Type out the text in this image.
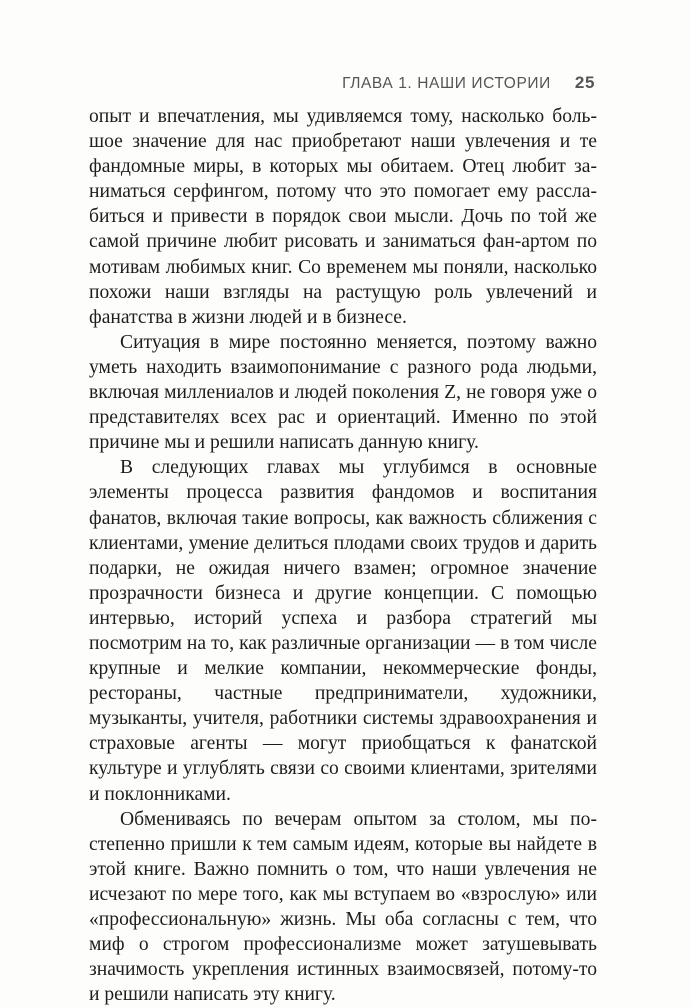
ГЛАВА 1. НАШИ ИСТОРИИ 25

опыт и впечатления, мы удивляемся тому, насколько большое значение для нас приобретают наши увлечения и те фандомные миры, в которых мы обитаем. Отец любит заниматься серфингом, потому что это помогает ему расслабиться и привести в порядок свои мысли. Дочь по той же самой причине любит рисовать и заниматься фан-артом по мотивам любимых книг. Со временем мы поняли, насколько похожи наши взгляды на растущую роль увлечений и фанатства в жизни людей и в бизнесе.

Ситуация в мире постоянно меняется, поэтому важно уметь находить взаимопонимание с разного рода людьми, включая миллениалов и людей поколения Z, не говоря уже о представителях всех рас и ориентаций. Именно по этой причине мы и решили написать данную книгу.

В следующих главах мы углубимся в основные элементы процесса развития фандомов и воспитания фанатов, включая такие вопросы, как важность сближения с клиентами, умение делиться плодами своих трудов и дарить подарки, не ожидая ничего взамен; огромное значение прозрачности бизнеса и другие концепции. С помощью интервью, историй успеха и разбора стратегий мы посмотрим на то, как различные организации — в том числе крупные и мелкие компании, некоммерческие фонды, рестораны, частные предприниматели, художники, музыканты, учителя, работники системы здравоохранения и страховые агенты — могут приобщаться к фанатской культуре и углублять связи со своими клиентами, зрителями и поклонниками.

Обмениваясь по вечерам опытом за столом, мы постепенно пришли к тем самым идеям, которые вы найдете в этой книге. Важно помнить о том, что наши увлечения не исчезают по мере того, как мы вступаем во «взрослую» или «профессиональную» жизнь. Мы оба согласны с тем, что миф о строгом профессионализме может затушевывать значимость укрепления истинных взаимосвязей, потому-то и решили написать эту книгу.
